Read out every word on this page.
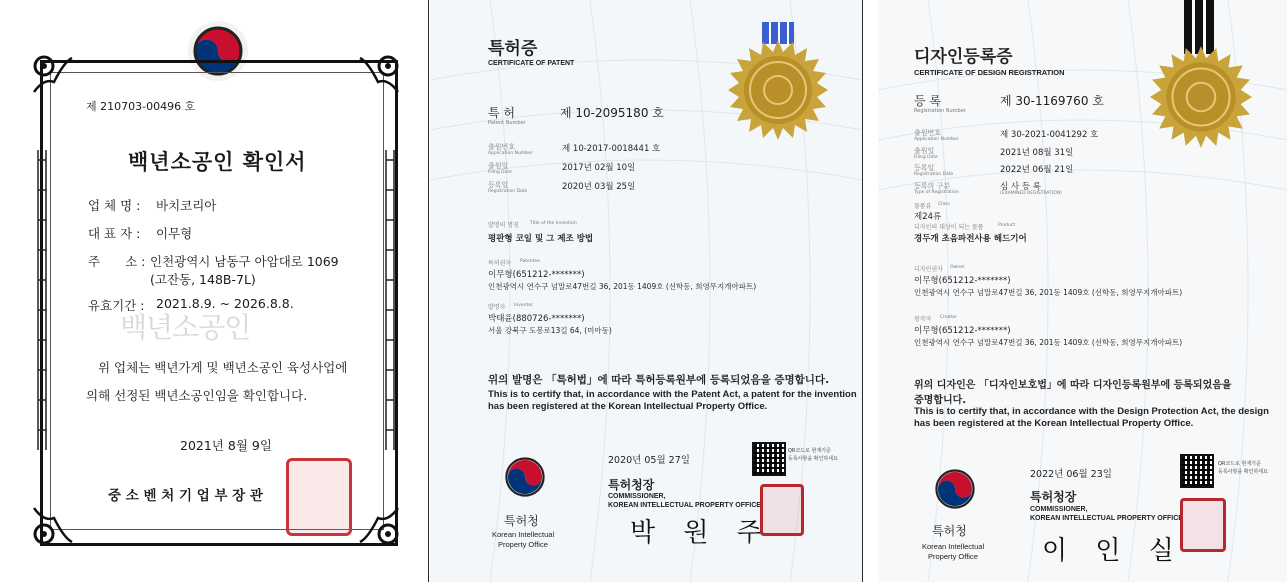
제 210703-00496 호
백년소공인 확인서
업 체 명 : 바치코리아
대 표 자 : 이무형
주　　소 : 인천광역시 남동구 아암대로 1069
(고잔동, 148B-7L)
유효기간 : 2021.8.9. ~ 2026.8.8.
백년소공인
위 업체는 백년가게 및 백년소공인 육성사업에
의해 선정된 백년소공인임을 확인합니다.
2021년 8월 9일
중 소 벤 처 기 업 부 장 관
특허증
CERTIFICATE OF PATENT
특 허
Patent Number
제 10-2095180 호
출원번호
Application Number	제 10-2017-0018441 호
출원일
Filing Date	2017년 02월 10일
등록일
Registration Date	2020년 03월 25일
발명의 명칭 Title of the Invention
평판형 코일 및 그 제조 방법
특허권자 Patentee
이무형(651212-*******)
인천광역시 연수구 넘말로47번길 36, 201동 1409호 (선학동, 희영무지개아파트)
발명자 Inventor
박태윤(880726-*******)
서울 강북구 도봉로13길 64, (미아동)
위의 발명은 「특허법」에 따라 특허등록원부에 등록되었음을 증명합니다.
This is to certify that, in accordance with the Patent Act, a patent for the invention
has been registered at the Korean Intellectual Property Office.
2020년 05월 27일
QR코드로 현재기준
등록사항을 확인하세요
특허청
Korean Intellectual
Property Office
특허청장
COMMISSIONER,
KOREAN INTELLECTUAL PROPERTY OFFICE
박 원 주
디자인등록증
CERTIFICATE OF DESIGN REGISTRATION
등 록
Registration Number
제 30-1169760 호
출원번호
Application Number	제 30-2021-0041292 호
출원일
Filing Date	2021년 08월 31일
등록일
Registration Date	2022년 06월 21일
등록의 구분
Type of Registration
심 사 등 록
(EXAMINED REGISTRATION)
물품류 Class
제24류
디자인의 대상이 되는 물품	Product
경두개 초음파전사용 헤드기어
디자인권자 Owner
이무형(651212-*******)
인천광역시 연수구 넘말로47번길 36, 201동 1409호 (선학동, 희영무지개아파트)
창작자 Creator
이무형(651212-*******)
인천광역시 연수구 넘말로47번길 36, 201동 1409호 (선학동, 희영무지개아파트)
위의 디자인은 「디자인보호법」에 따라 디자인등록원부에 등록되었음을
증명합니다.
This is to certify that, in accordance with the Design Protection Act, the design
has been registered at the Korean Intellectual Property Office.
2022년 06월 23일
QR코드로 현재기준
등록사항을 확인하세요
특허청
Korean Intellectual
Property Office
특허청장
COMMISSIONER,
KOREAN INTELLECTUAL PROPERTY OFFICE
이 인 실
